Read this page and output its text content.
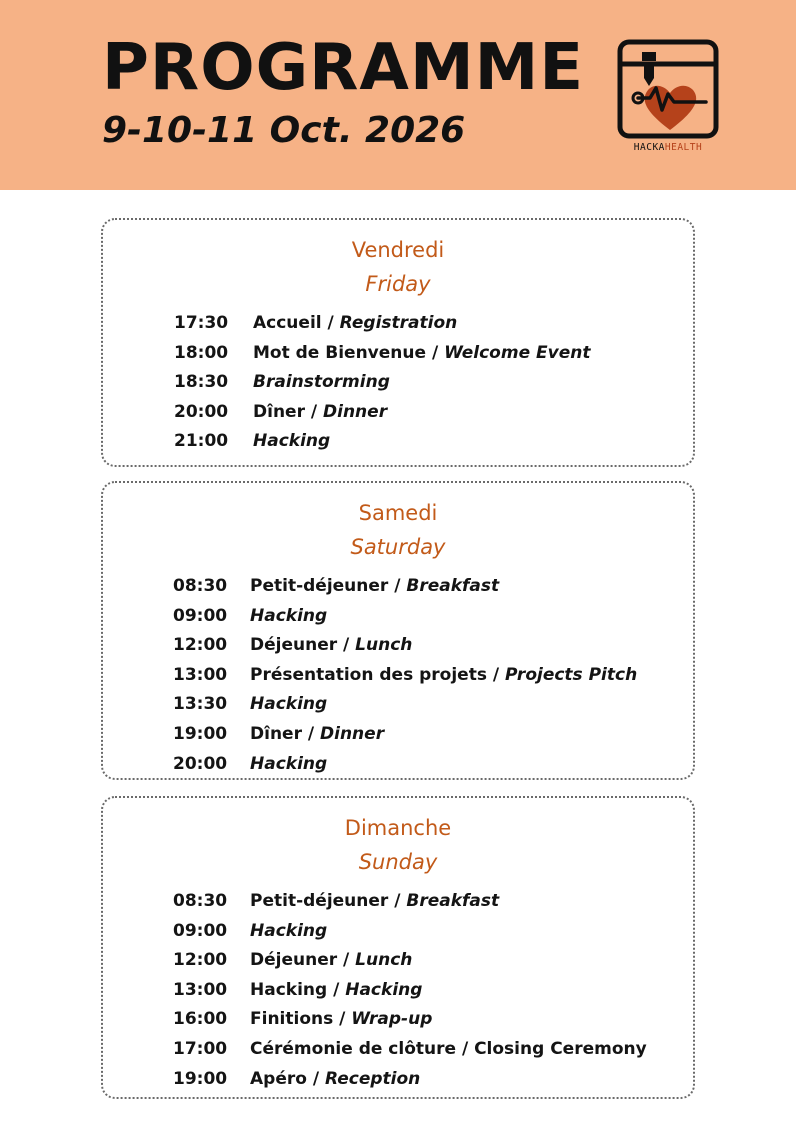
PROGRAMME
9-10-11 Oct. 2026	HACKAHEALTH
Vendredi
Friday
17:30 Accueil / Registration
18:00 Mot de Bienvenue / Welcome Event
18:30 Brainstorming
20:00 Dîner / Dinner
21:00 Hacking
Samedi
Saturday
08:30 Petit-déjeuner / Breakfast
09:00 Hacking
12:00 Déjeuner / Lunch
13:00 Présentation des projets / Projects Pitch
13:30 Hacking
19:00 Dîner / Dinner
20:00 Hacking
Dimanche
Sunday
08:30 Petit-déjeuner / Breakfast
09:00 Hacking
12:00 Déjeuner / Lunch
13:00 Hacking / Hacking
16:00 Finitions / Wrap-up
17:00 Cérémonie de clôture / Closing Ceremony
19:00 Apéro / Reception
